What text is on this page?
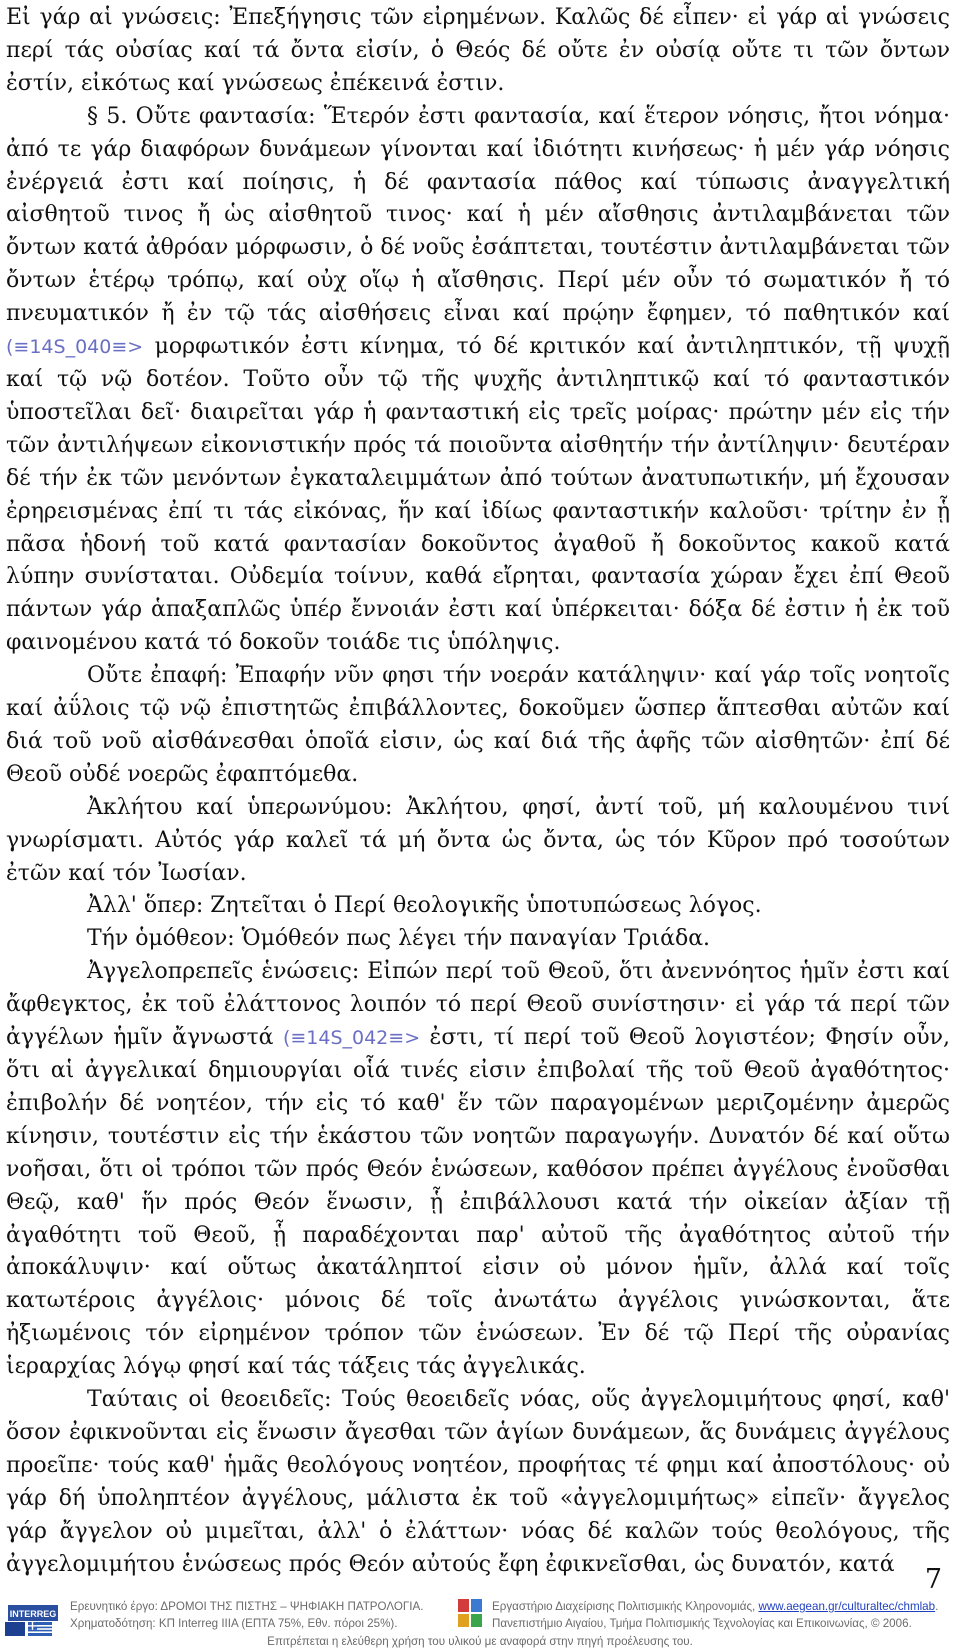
Εἰ γάρ αἱ γνώσεις: Ἐπεξήγησις τῶν εἰρημένων. Καλῶς δέ εἶπεν· εἰ γάρ αἱ γνώσεις περί τάς οὐσίας καί τά ὄντα εἰσίν, ὁ Θεός δέ οὔτε ἐν οὐσίᾳ οὔτε τι τῶν ὄντων ἐστίν, εἰκότως καί γνώσεως ἐπέκεινά ἐστιν.

§ 5. Οὔτε φαντασία: Ἕτερόν ἐστι φαντασία, καί ἕτερον νόησις, ἤτοι νόημα· ἀπό τε γάρ διαφόρων δυνάμεων γίνονται καί ἰδιότητι κινήσεως· ἡ μέν γάρ νόησις ἐνέργειά ἐστι καί ποίησις, ἡ δέ φαντασία πάθος καί τύπωσις ἀναγγελτική αἰσθητοῦ τινος ἤ ὡς αἰσθητοῦ τινος· καί ἡ μέν αἴσθησις ἀντιλαμβάνεται τῶν ὄντων κατά ἀθρόαν μόρφωσιν, ὁ δέ νοῦς ἐσάπτεται, τουτέστιν ἀντιλαμβάνεται τῶν ὄντων ἑτέρῳ τρόπῳ, καί οὐχ οἵῳ ἡ αἴσθησις. Περί μέν οὖν τό σωματικόν ἤ τό πνευματικόν ἤ ἐν τῷ τάς αἰσθήσεις εἶναι καί πρῴην ἔφημεν, τό παθητικόν καί (≡14S_040≡> μορφωτικόν ἐστι κίνημα, τό δέ κριτικόν καί ἀντιληπτικόν, τῇ ψυχῇ καί τῷ νῷ δοτέον. Τοῦτο οὖν τῷ τῆς ψυχῆς ἀντιληπτικῷ καί τό φανταστικόν ὑποστεῖλαι δεῖ· διαιρεῖται γάρ ἡ φανταστική εἰς τρεῖς μοίρας· πρώτην μέν εἰς τήν τῶν ἀντιλήψεων εἰκονιστικήν πρός τά ποιοῦντα αἰσθητήν τήν ἀντίληψιν· δευτέραν δέ τήν ἐκ τῶν μενόντων ἐγκαταλειμμάτων ἀπό τούτων ἀνατυπωτικήν, μή ἔχουσαν ἐρηρεισμένας ἐπί τι τάς εἰκόνας, ἥν καί ἰδίως φανταστικήν καλοῦσι· τρίτην ἐν ᾗ πᾶσα ἡδονή τοῦ κατά φαντασίαν δοκοῦντος ἀγαθοῦ ἤ δοκοῦντος κακοῦ κατά λύπην συνίσταται. Οὐδεμία τοίνυν, καθά εἴρηται, φαντασία χώραν ἔχει ἐπί Θεοῦ πάντων γάρ ἁπαξαπλῶς ὑπέρ ἔννοιάν ἐστι καί ὑπέρκειται· δόξα δέ ἐστιν ἡ ἐκ τοῦ φαινομένου κατά τό δοκοῦν τοιάδε τις ὑπόληψις.

Οὔτε ἐπαφή: Ἐπαφήν νῦν φησι τήν νοεράν κατάληψιν· καί γάρ τοῖς νοητοῖς καί ἀΰλοις τῷ νῷ ἐπιστητῶς ἐπιβάλλοντες, δοκοῦμεν ὥσπερ ἅπτεσθαι αὐτῶν καί διά τοῦ νοῦ αἰσθάνεσθαι ὁποῖά εἰσιν, ὡς καί διά τῆς ἁφῆς τῶν αἰσθητῶν· ἐπί δέ Θεοῦ οὐδέ νοερῶς ἐφαπτόμεθα.

Ἀκλήτου καί ὑπερωνύμου: Ἀκλήτου, φησί, ἀντί τοῦ, μή καλουμένου τινί γνωρίσματι. Αὐτός γάρ καλεῖ τά μή ὄντα ὡς ὄντα, ὡς τόν Κῦρον πρό τοσούτων ἐτῶν καί τόν Ἰωσίαν.

Ἀλλ' ὅπερ: Ζητεῖται ὁ Περί θεολογικῆς ὑποτυπώσεως λόγος.

Τήν ὁμόθεον: Ὁμόθεόν πως λέγει τήν παναγίαν Τριάδα.

Ἀγγελοπρεπεῖς ἑνώσεις: Εἰπών περί τοῦ Θεοῦ, ὅτι ἀνεννόητος ἡμῖν ἐστι καί ἄφθεγκτος, ἐκ τοῦ ἐλάττονος λοιπόν τό περί Θεοῦ συνίστησιν· εἰ γάρ τά περί τῶν ἀγγέλων ἡμῖν ἄγνωστά (≡14S_042≡> ἐστι, τί περί τοῦ Θεοῦ λογιστέον; Φησίν οὖν, ὅτι αἱ ἀγγελικαί δημιουργίαι οἷά τινές εἰσιν ἐπιβολαί τῆς τοῦ Θεοῦ ἀγαθότητος· ἐπιβολήν δέ νοητέον, τήν εἰς τό καθ' ἕν τῶν παραγομένων μεριζομένην ἀμερῶς κίνησιν, τουτέστιν εἰς τήν ἑκάστου τῶν νοητῶν παραγωγήν. Δυνατόν δέ καί οὕτω νοῆσαι, ὅτι οἱ τρόποι τῶν πρός Θεόν ἑνώσεων, καθόσον πρέπει ἀγγέλους ἑνοῦσθαι Θεῷ, καθ' ἥν πρός Θεόν ἕνωσιν, ᾗ ἐπιβάλλουσι κατά τήν οἰκείαν ἀξίαν τῇ ἀγαθότητι τοῦ Θεοῦ, ᾗ παραδέχονται παρ' αὐτοῦ τῆς ἀγαθότητος αὐτοῦ τήν ἀποκάλυψιν· καί οὕτως ἀκατάληπτοί εἰσιν οὐ μόνον ἡμῖν, ἀλλά καί τοῖς κατωτέροις ἀγγέλοις· μόνοις δέ τοῖς ἀνωτάτω ἀγγέλοις γινώσκονται, ἅτε ἠξιωμένοις τόν εἰρημένον τρόπον τῶν ἑνώσεων. Ἐν δέ τῷ Περί τῆς οὐρανίας ἱεραρχίας λόγῳ φησί καί τάς τάξεις τάς ἀγγελικάς.

Ταύταις οἱ θεοειδεῖς: Τούς θεοειδεῖς νόας, οὕς ἀγγελομιμήτους φησί, καθ' ὅσον ἐφικνοῦνται εἰς ἕνωσιν ἄγεσθαι τῶν ἁγίων δυνάμεων, ἅς δυνάμεις ἀγγέλους προεῖπε· τούς καθ' ἡμᾶς θεολόγους νοητέον, προφήτας τέ φημι καί ἀποστόλους· οὐ γάρ δή ὑποληπτέον ἀγγέλους, μάλιστα ἐκ τοῦ «ἀγγελομιμήτως» εἰπεῖν· ἄγγελος γάρ ἄγγελον οὐ μιμεῖται, ἀλλ' ὁ ἐλάττων· νόας δέ καλῶν τούς θεολόγους, τῆς ἀγγελομιμήτου ἑνώσεως πρός Θεόν αὐτούς ἔφη ἐφικνεῖσθαι, ὡς δυνατόν, κατά	7
INTERREG
Ερευνητικό έργο: ΔΡΟΜΟΙ ΤΗΣ ΠΙΣΤΗΣ – ΨΗΦΙΑΚΗ ΠΑΤΡΟΛΟΓΙΑ.
Χρηματοδότηση: ΚΠ Interreg IIIA (ΕΠΤΑ 75%, Εθν. πόροι 25%).
Εργαστήριο Διαχείρισης Πολιτισμικής Κληρονομιάς, www.aegean.gr/culturaltec/chmlab.
Πανεπιστήμιο Αιγαίου, Τμήμα Πολιτισμικής Τεχνολογίας και Επικοινωνίας, © 2006.
Επιτρέπεται η ελεύθερη χρήση του υλικού με αναφορά στην πηγή προέλευσης του.
